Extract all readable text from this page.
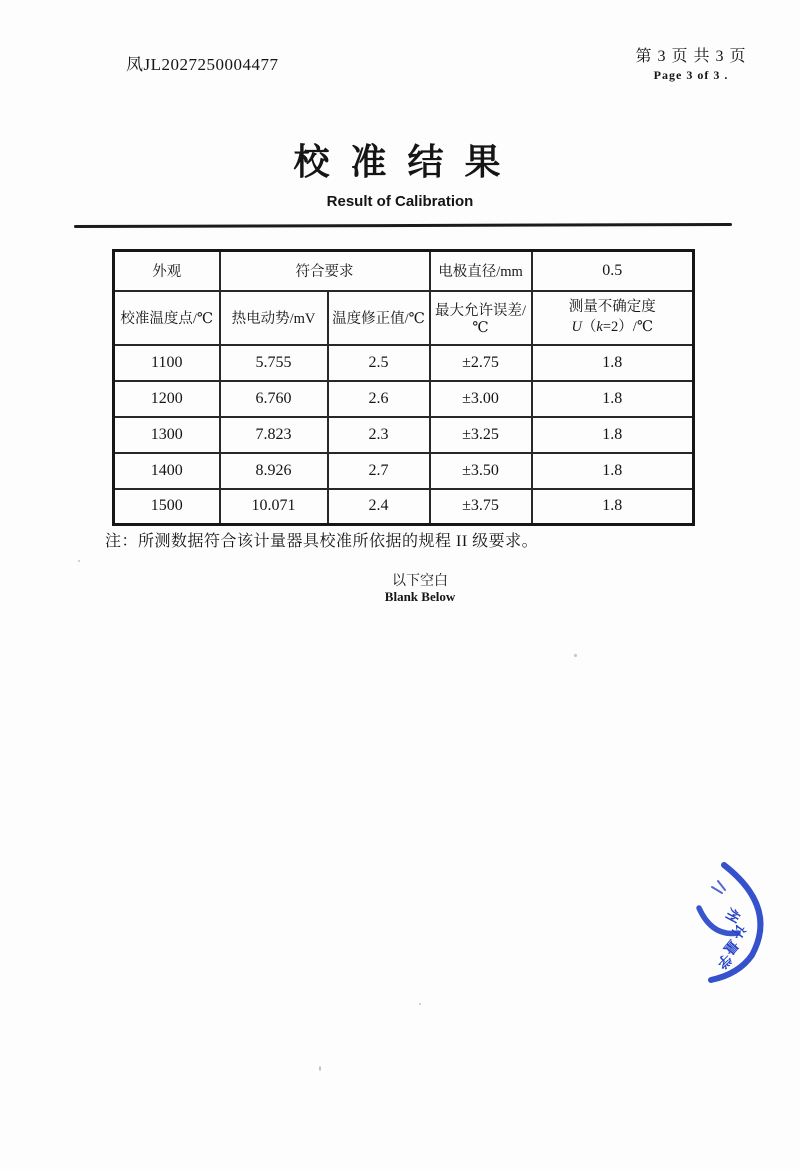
凤JL2027250004477	第 3 页 共 3 页
Page 3 of 3 .
校 准 结 果
Result of Calibration
外观	符合要求		电极直径/mm	0.5
校准温度点/℃	热电动势/mV	温度修正值/℃	最大允许误差/℃	测量不确定度
U（k=2）/℃

1100	5.755	2.5	±2.75	1.8
1200	6.760	2.6	±3.00	1.8
1300	7.823	2.3	±3.25	1.8
1400	8.926	2.7	±3.50	1.8
1500	10.071	2.4	±3.75	1.8
注：所测数据符合该计量器具校准所依据的规程 II 级要求。
以下空白
Blank Below
州
计
量
学
